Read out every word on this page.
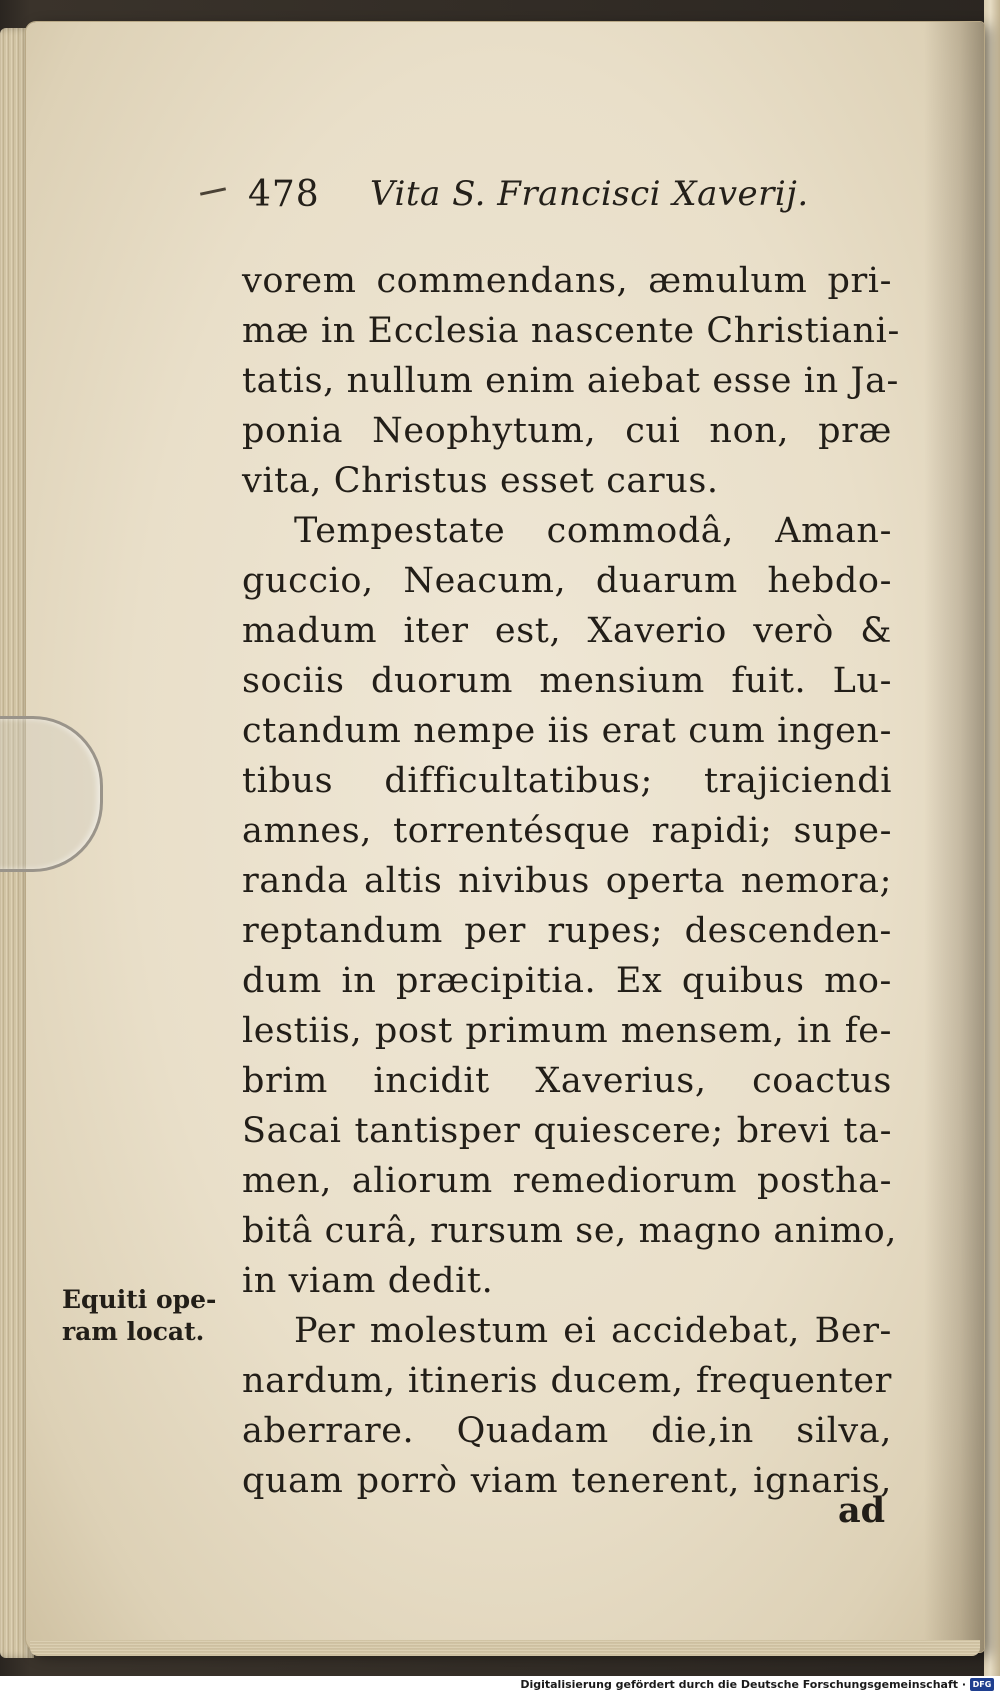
478 Vita S. Francisci Xaverij.
vorem commendans, æmulum pri-
mæ in Ecclesia nascente Christiani-
tatis, nullum enim aiebat esse in Ja-
ponia Neophytum, cui non, præ
vita, Christus esset carus.
Tempestate commodâ, Aman-
guccio, Neacum, duarum hebdo-
madum iter est, Xaverio verò &
sociis duorum mensium fuit. Lu-
ctandum nempe iis erat cum ingen-
tibus difficultatibus; trajiciendi
amnes, torrentésque rapidi; supe-
randa altis nivibus operta nemora;
reptandum per rupes; descenden-
dum in præcipitia. Ex quibus mo-
lestiis, post primum mensem, in fe-
brim incidit Xaverius, coactus
Sacai tantisper quiescere; brevi ta-
men, aliorum remediorum postha-
bitâ curâ, rursum se, magno animo,
in viam dedit.
Per molestum ei accidebat, Ber-
nardum, itineris ducem, frequenter
aberrare. Quadam die,in silva,
quam porrò viam tenerent, ignaris,
Equiti ope-
ram locat.
ad
Digitalisierung gefördert durch die Deutsche Forschungsgemeinschaft · DFG
